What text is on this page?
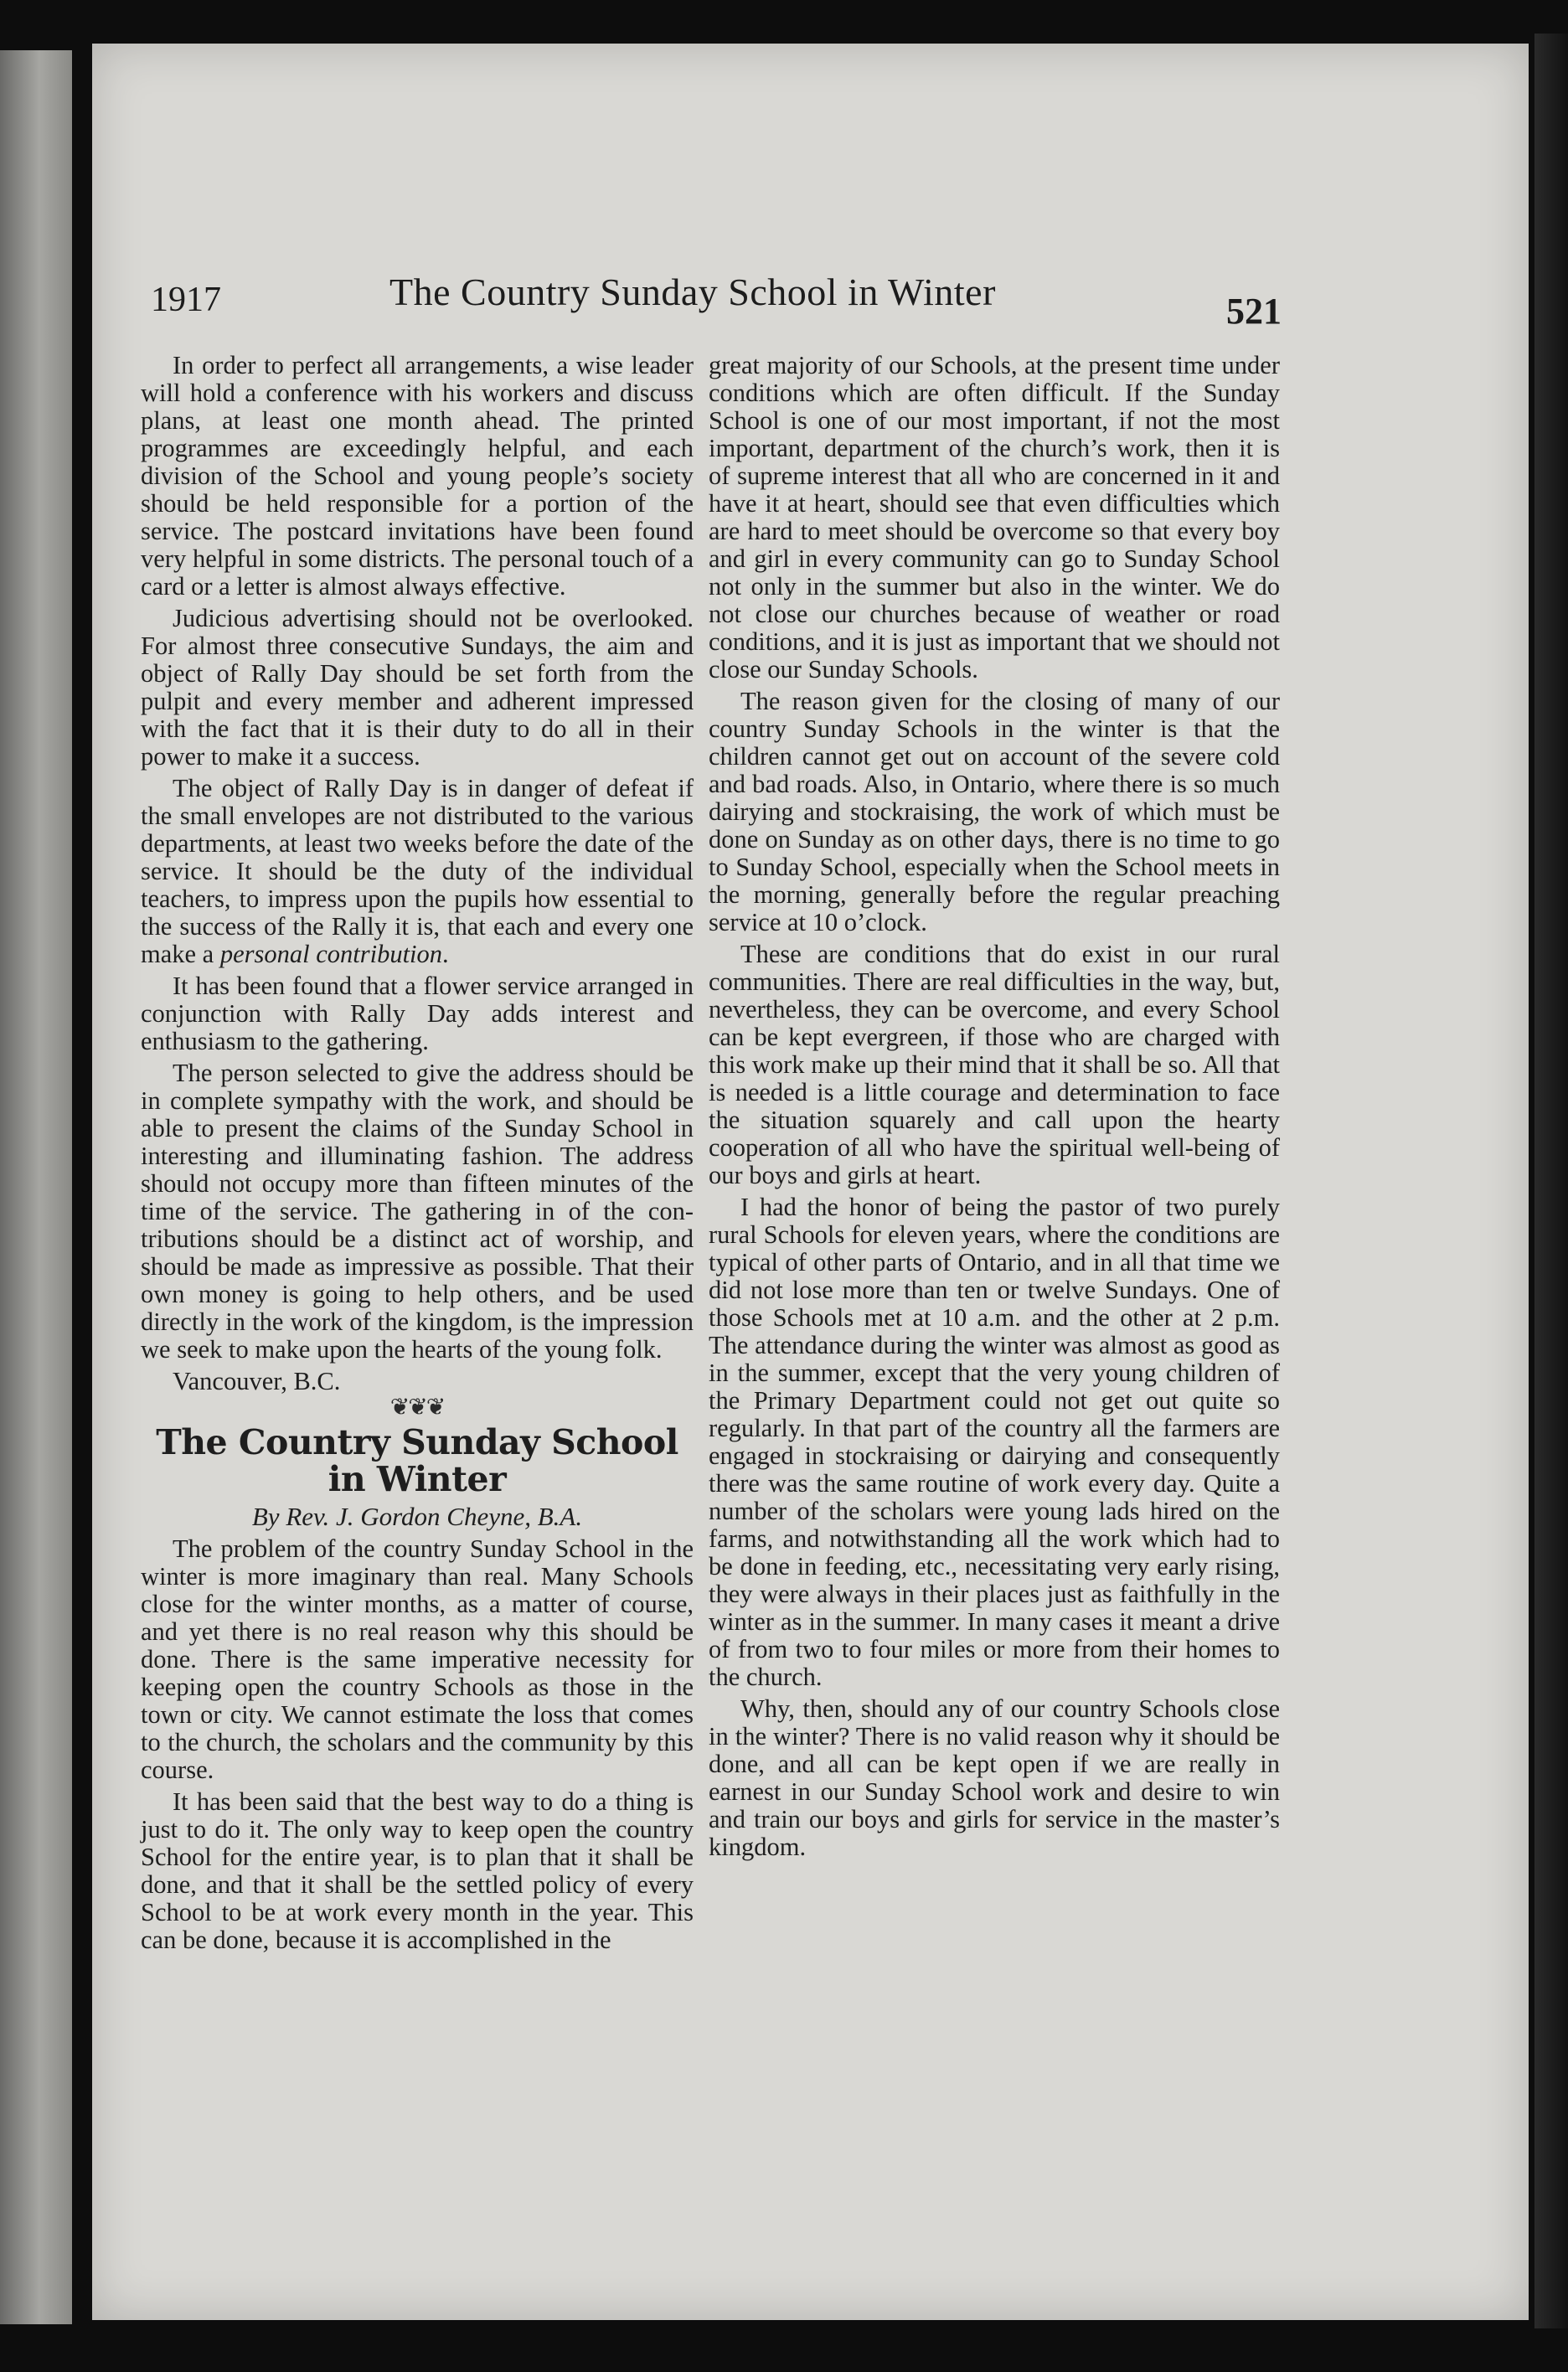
1917	The Country Sunday School in Winter	521

In order to perfect all arrangements, a wise leader will hold a conference with his workers and discuss plans, at least one month ahead. The printed programmes are exceedingly helpful, and each division of the School and young people’s society should be held responsible for a portion of the service. The postcard invitations have been found very helpful in some districts. The personal touch of a card or a letter is almost always effective.

Judicious advertising should not be overlooked. For almost three consecutive Sundays, the aim and object of Rally Day should be set forth from the pulpit and every member and adherent impressed with the fact that it is their duty to do all in their power to make it a success.

The object of Rally Day is in danger of defeat if the small envelopes are not distributed to the various departments, at least two weeks before the date of the service. It should be the duty of the individual teachers, to impress upon the pupils how essential to the success of the Rally it is, that each and every one make a personal contribution.

It has been found that a flower service arranged in conjunction with Rally Day adds interest and enthusiasm to the gathering.

The person selected to give the address should be in complete sympathy with the work, and should be able to present the claims of the Sunday School in interesting and illuminating fashion. The address should not occupy more than fifteen minutes of the time of the service. The gathering in of the contributions should be a distinct act of worship, and should be made as impressive as possible. That their own money is going to help others, and be used directly in the work of the kingdom, is the impression we seek to make upon the hearts of the young folk.

Vancouver, B.C.
❦❦❦
The Country Sunday School in Winter
By Rev. J. Gordon Cheyne, B.A.

The problem of the country Sunday School in the winter is more imaginary than real. Many Schools close for the winter months, as a matter of course, and yet there is no real reason why this should be done. There is the same imperative necessity for keeping open the country Schools as those in the town or city. We cannot estimate the loss that comes to the church, the scholars and the community by this course.

It has been said that the best way to do a thing is just to do it. The only way to keep open the country School for the entire year, is to plan that it shall be done, and that it shall be the settled policy of every School to be at work every month in the year. This can be done, because it is accomplished in the

great majority of our Schools, at the present time under conditions which are often difficult. If the Sunday School is one of our most important, if not the most important, department of the church’s work, then it is of supreme interest that all who are concerned in it and have it at heart, should see that even difficulties which are hard to meet should be overcome so that every boy and girl in every community can go to Sunday School not only in the summer but also in the winter. We do not close our churches because of weather or road conditions, and it is just as important that we should not close our Sunday Schools.

The reason given for the closing of many of our country Sunday Schools in the winter is that the children cannot get out on account of the severe cold and bad roads. Also, in Ontario, where there is so much dairying and stockraising, the work of which must be done on Sunday as on other days, there is no time to go to Sunday School, especially when the School meets in the morning, generally before the regular preaching service at 10 o’clock.

These are conditions that do exist in our rural communities. There are real difficulties in the way, but, nevertheless, they can be overcome, and every School can be kept evergreen, if those who are charged with this work make up their mind that it shall be so. All that is needed is a little courage and determination to face the situation squarely and call upon the hearty cooperation of all who have the spiritual well-being of our boys and girls at heart.

I had the honor of being the pastor of two purely rural Schools for eleven years, where the conditions are typical of other parts of Ontario, and in all that time we did not lose more than ten or twelve Sundays. One of those Schools met at 10 a.m. and the other at 2 p.m. The attendance during the winter was almost as good as in the summer, except that the very young children of the Primary Department could not get out quite so regularly. In that part of the country all the farmers are engaged in stockraising or dairying and consequently there was the same routine of work every day. Quite a number of the scholars were young lads hired on the farms, and notwithstanding all the work which had to be done in feeding, etc., necessitating very early rising, they were always in their places just as faithfully in the winter as in the summer. In many cases it meant a drive of from two to four miles or more from their homes to the church.

Why, then, should any of our country Schools close in the winter? There is no valid reason why it should be done, and all can be kept open if we are really in earnest in our Sunday School work and desire to win and train our boys and girls for service in the master’s kingdom.
